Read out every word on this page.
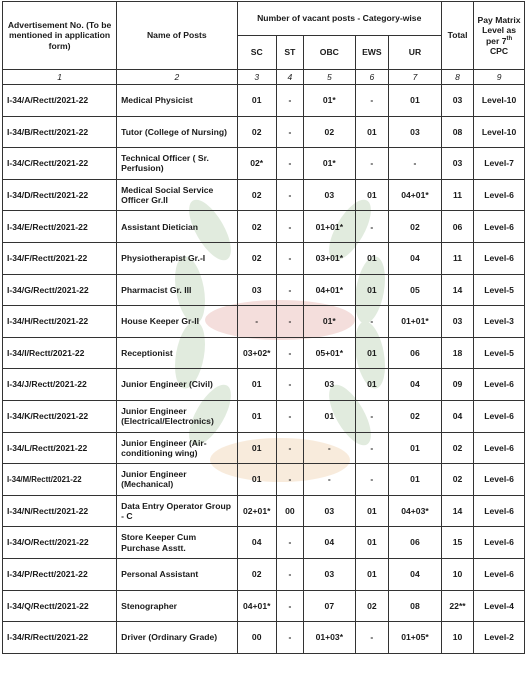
Advertisement No. (To be mentioned in application form)	Name of Posts	Number of vacant posts - Category-wise					Total	Pay Matrix Level as per 7th CPC
		SC	ST	OBC	EWS	UR		
1	2	3	4	5	6	7	8	9
I-34/A/Rectt/2021-22	Medical Physicist	01	-	01*	-	01	03	Level-10
I-34/B/Rectt/2021-22	Tutor (College of Nursing)	02	-	02	01	03	08	Level-10
I-34/C/Rectt/2021-22	Technical Officer ( Sr. Perfusion)	02*	-	01*	-	-	03	Level-7
I-34/D/Rectt/2021-22	Medical Social Service Officer Gr.II	02	-	03	01	04+01*	11	Level-6
I-34/E/Rectt/2021-22	Assistant Dietician	02	-	01+01*	-	02	06	Level-6
I-34/F/Rectt/2021-22	Physiotherapist Gr.-I	02	-	03+01*	01	04	11	Level-6
I-34/G/Rectt/2021-22	Pharmacist Gr. III	03	-	04+01*	01	05	14	Level-5
I-34/H/Rectt/2021-22	House Keeper Gr-II	-	-	01*	-	01+01*	03	Level-3
I-34/I/Rectt/2021-22	Receptionist	03+02*	-	05+01*	01	06	18	Level-5
I-34/J/Rectt/2021-22	Junior Engineer (Civil)	01	-	03	01	04	09	Level-6
I-34/K/Rectt/2021-22	Junior Engineer (Electrical/Electronics)	01	-	01	-	02	04	Level-6
I-34/L/Rectt/2021-22	Junior Engineer (Air-conditioning wing)	01	-	-	-	01	02	Level-6
I-34/M/Rectt/2021-22	Junior Engineer (Mechanical)	01	-	-	-	01	02	Level-6
I-34/N/Rectt/2021-22	Data Entry Operator Group - C	02+01*	00	03	01	04+03*	14	Level-6
I-34/O/Rectt/2021-22	Store Keeper Cum Purchase Asstt.	04	-	04	01	06	15	Level-6
I-34/P/Rectt/2021-22	Personal Assistant	02	-	03	01	04	10	Level-6
I-34/Q/Rectt/2021-22	Stenographer	04+01*	-	07	02	08	22**	Level-4
I-34/R/Rectt/2021-22	Driver (Ordinary Grade)	00	-	01+03*	-	01+05*	10	Level-2
